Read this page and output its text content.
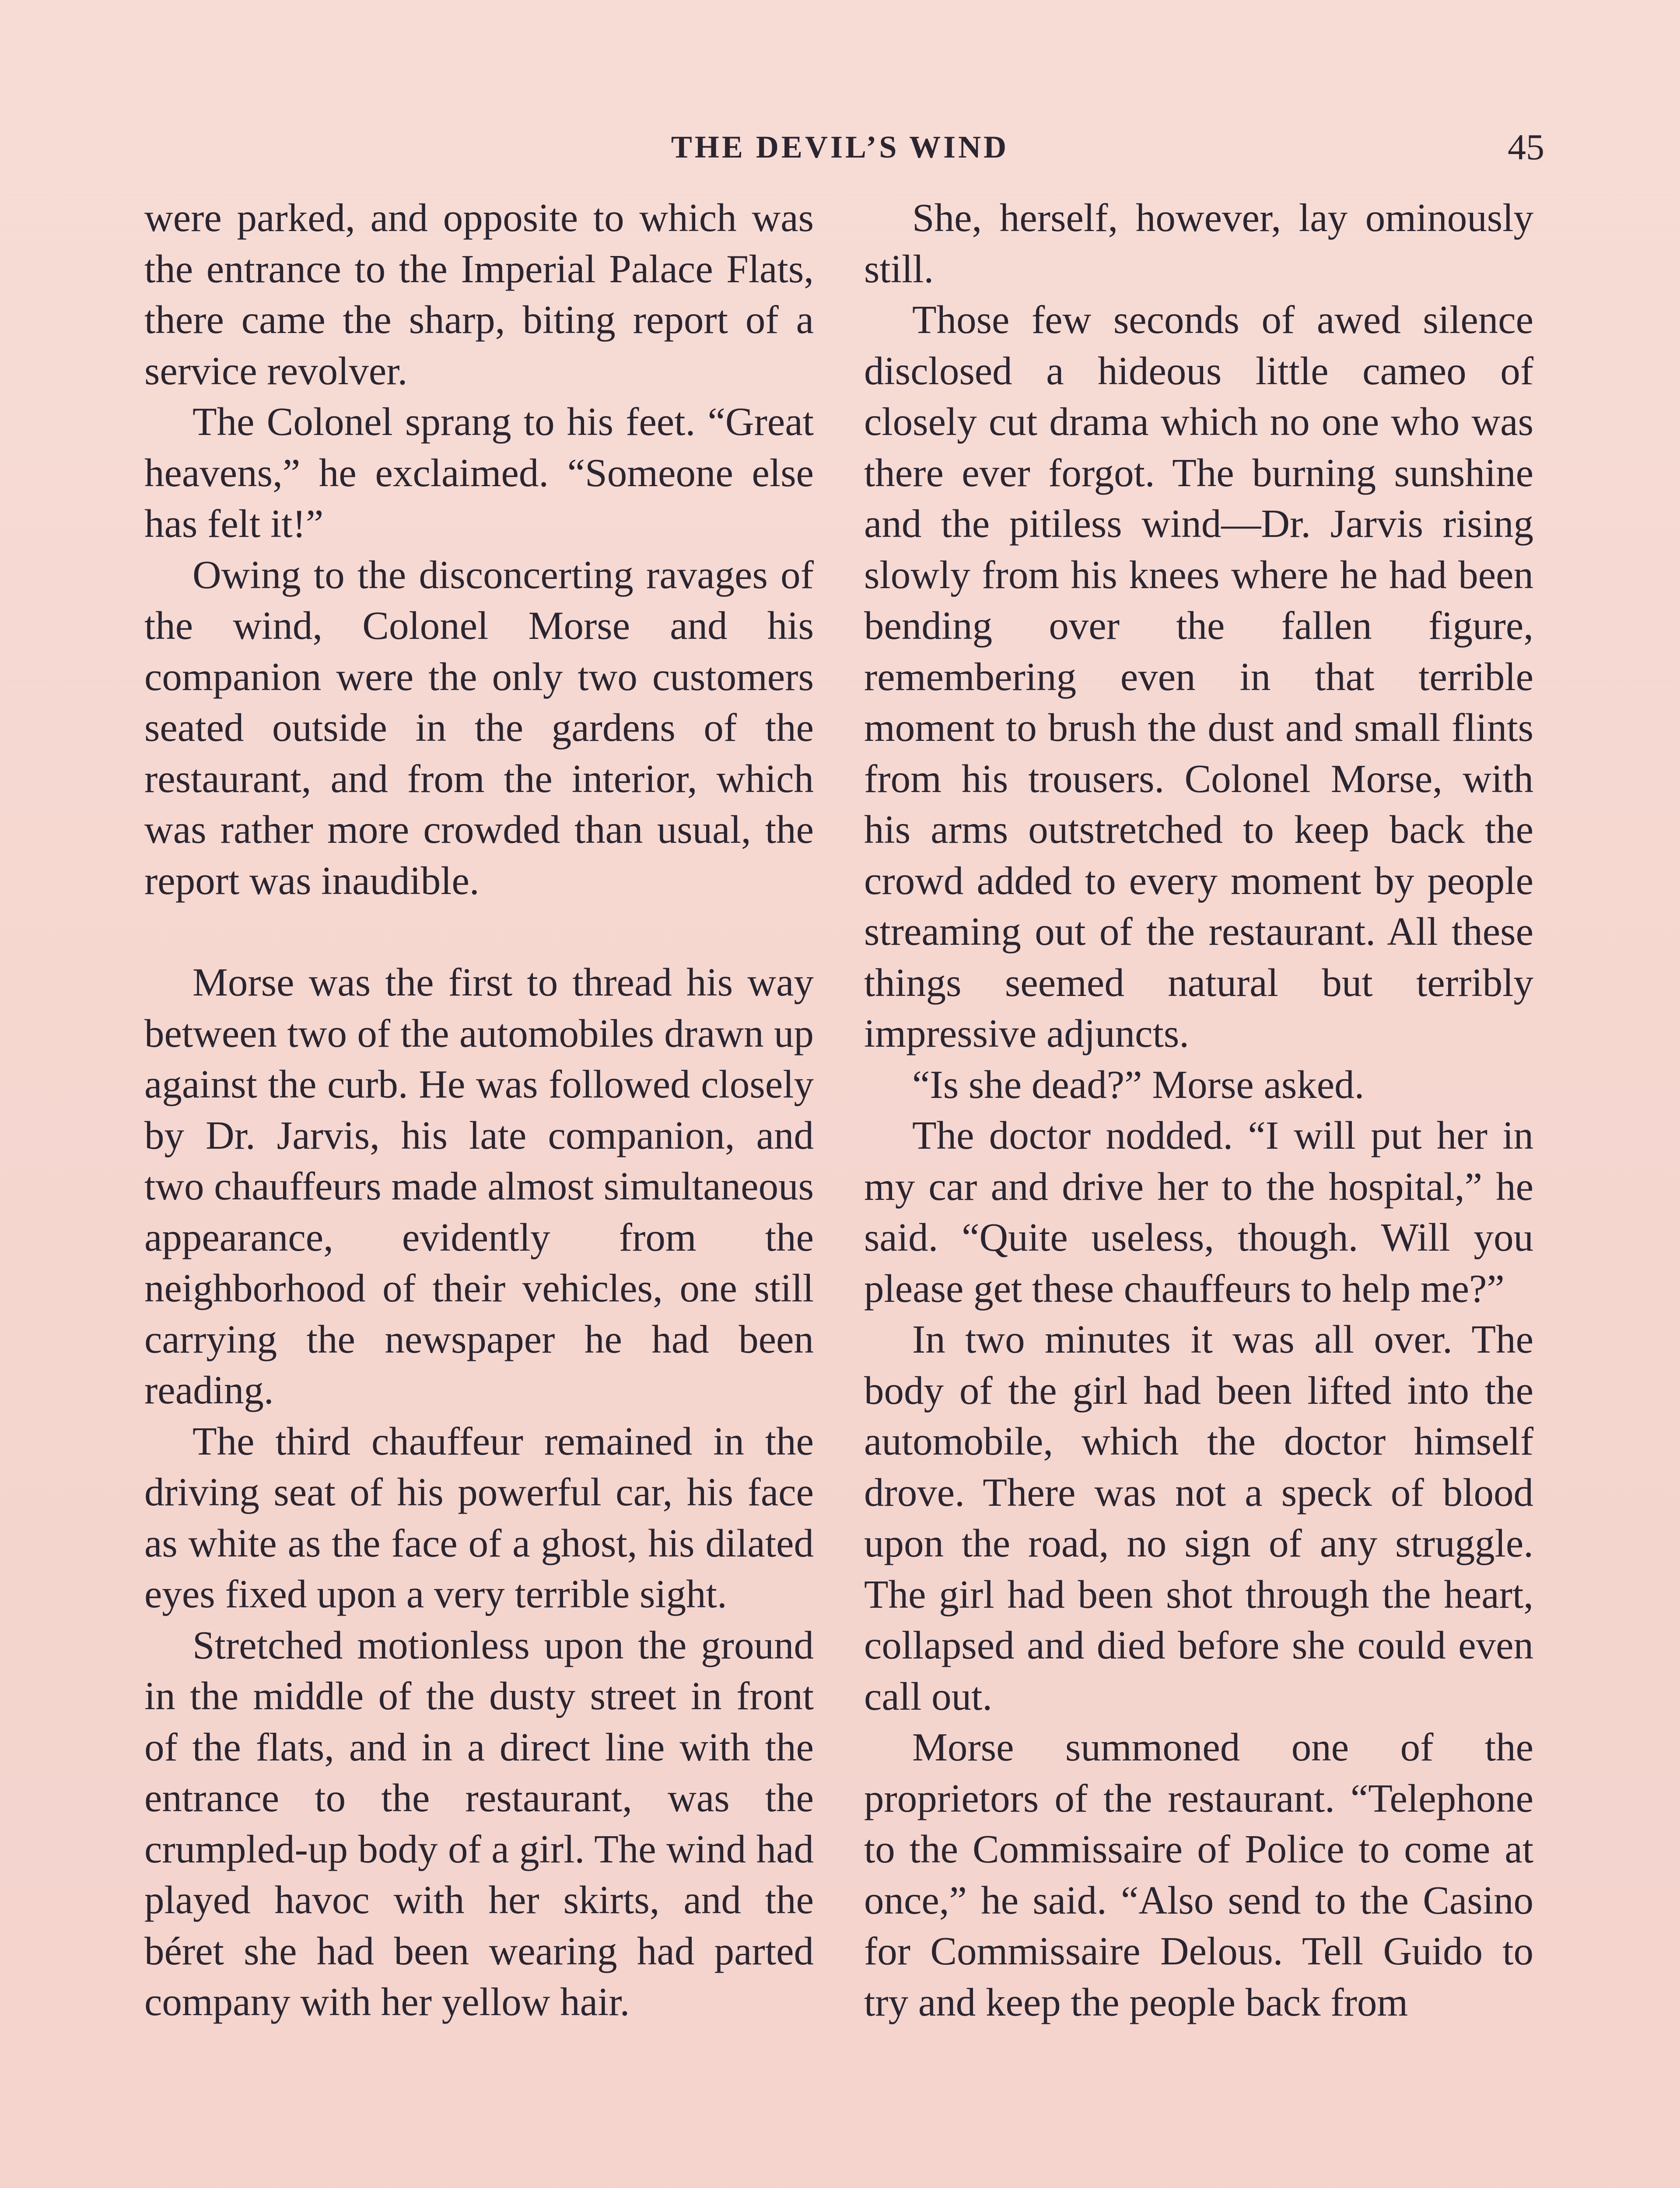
THE DEVIL’S WIND	45

were parked, and opposite to which was the entrance to the Imperial Palace Flats, there came the sharp, biting report of a service revolver.

The Colonel sprang to his feet. “Great heavens,” he exclaimed. “Someone else has felt it!”

Owing to the disconcerting ravages of the wind, Colonel Morse and his companion were the only two customers seated outside in the gardens of the restaurant, and from the interior, which was rather more crowded than usual, the report was inaudible.

Morse was the first to thread his way between two of the automobiles drawn up against the curb. He was followed closely by Dr. Jarvis, his late companion, and two chauffeurs made almost simultaneous appearance, evidently from the neighborhood of their vehicles, one still carrying the newspaper he had been reading.

The third chauffeur remained in the driving seat of his powerful car, his face as white as the face of a ghost, his dilated eyes fixed upon a very terrible sight.

Stretched motionless upon the ground in the middle of the dusty street in front of the flats, and in a direct line with the entrance to the restaurant, was the crumpled-up body of a girl. The wind had played havoc with her skirts, and the béret she had been wearing had parted company with her yellow hair.

She, herself, however, lay ominously still.

Those few seconds of awed silence disclosed a hideous little cameo of closely cut drama which no one who was there ever forgot. The burning sunshine and the pitiless wind—Dr. Jarvis rising slowly from his knees where he had been bending over the fallen figure, remembering even in that terrible moment to brush the dust and small flints from his trousers. Colonel Morse, with his arms outstretched to keep back the crowd added to every moment by people streaming out of the restaurant. All these things seemed natural but terribly impressive adjuncts.

“Is she dead?” Morse asked.

The doctor nodded. “I will put her in my car and drive her to the hospital,” he said. “Quite useless, though. Will you please get these chauffeurs to help me?”

In two minutes it was all over. The body of the girl had been lifted into the automobile, which the doctor himself drove. There was not a speck of blood upon the road, no sign of any struggle. The girl had been shot through the heart, collapsed and died before she could even call out.

Morse summoned one of the proprietors of the restaurant. “Telephone to the Commissaire of Police to come at once,” he said. “Also send to the Casino for Commissaire Delous. Tell Guido to try and keep the people back from
